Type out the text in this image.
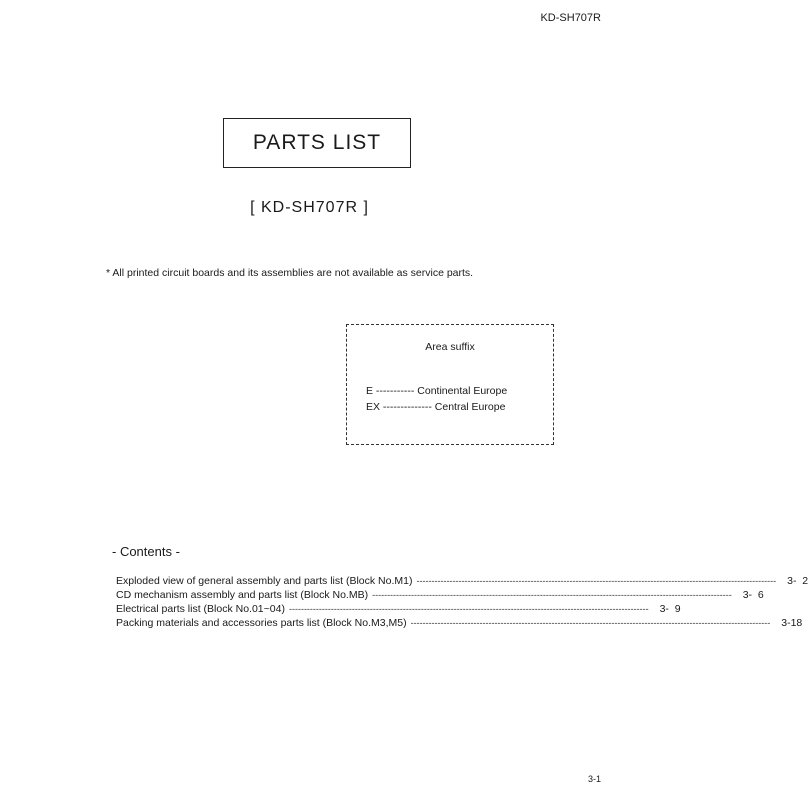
KD-SH707R
PARTS LIST
[ KD-SH707R ]
* All printed circuit boards and its assemblies are not available as service parts.
Area suffix
E ----------- Continental Europe
EX -------------- Central Europe
- Contents -
Exploded view of general assembly and parts list (Block No.M1) ------------------------------------------------------------------------------------------------------------------------	3-  2
CD mechanism assembly and parts list (Block No.MB) ------------------------------------------------------------------------------------------------------------------------	3-  6
Electrical parts list (Block No.01~04) ------------------------------------------------------------------------------------------------------------------------	3-  9
Packing materials and accessories parts list (Block No.M3,M5) ------------------------------------------------------------------------------------------------------------------------	3-18
3-1
